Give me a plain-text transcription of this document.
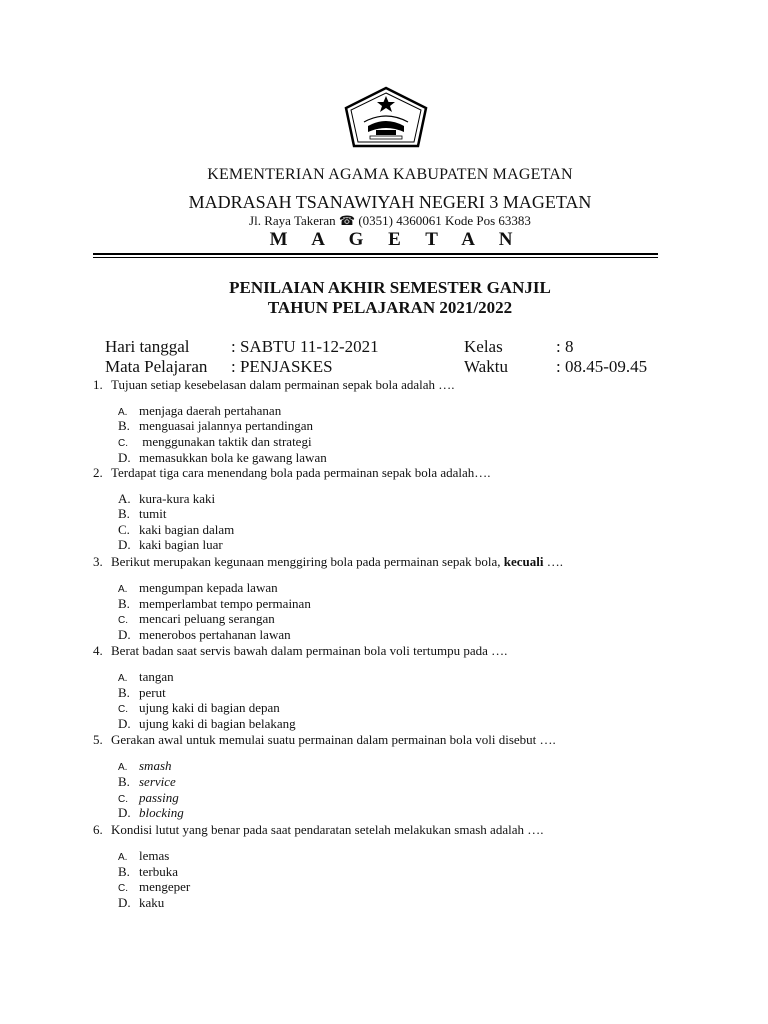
KEMENTERIAN AGAMA KABUPATEN MAGETAN
MADRASAH TSANAWIYAH NEGERI 3 MAGETAN
Jl. Raya Takeran ☎ (0351) 4360061 Kode Pos 63383
M A G E T A N
PENILAIAN AKHIR SEMESTER GANJIL
TAHUN PELAJARAN 2021/2022
Hari tanggal : SABTU 11-12-2021	Kelas	: 8
Mata Pelajaran : PENJASKES	Waktu	: 08.45-09.45
1. Tujuan setiap kesebelasan dalam permainan sepak bola adalah ….
A. menjaga daerah pertahanan
B. menguasai jalannya pertandingan
C. menggunakan taktik dan strategi
D. memasukkan bola ke gawang lawan
2. Terdapat tiga cara menendang bola pada permainan sepak bola adalah….
A. kura-kura kaki
B. tumit
C. kaki bagian dalam
D. kaki bagian luar
3. Berikut merupakan kegunaan menggiring bola pada permainan sepak bola, kecuali ….
A. mengumpan kepada lawan
B. memperlambat tempo permainan
C. mencari peluang serangan
D. menerobos pertahanan lawan
4. Berat badan saat servis bawah dalam permainan bola voli tertumpu pada ….
A. tangan
B. perut
C. ujung kaki di bagian depan
D. ujung kaki di bagian belakang
5. Gerakan awal untuk memulai suatu permainan dalam permainan bola voli disebut ….
A. smash
B. service
C. passing
D. blocking
6. Kondisi lutut yang benar pada saat pendaratan setelah melakukan smash adalah ….
A. lemas
B. terbuka
C. mengeper
D. kaku
